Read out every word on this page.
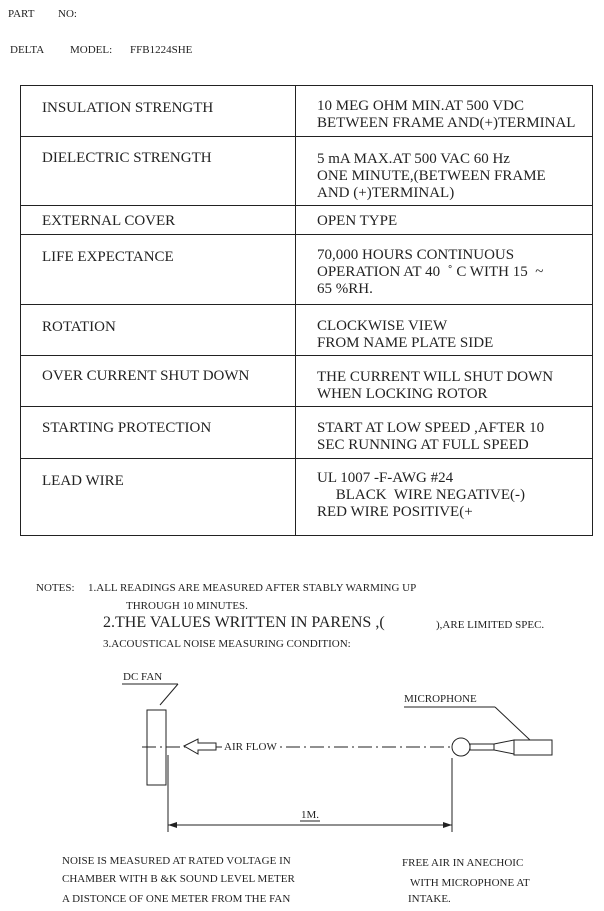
PART NO:
DELTA MODEL: FFB1224SHE
INSULATION STRENGTH	10 MEG OHM MIN.AT 500 VDC
BETWEEN FRAME AND(+)TERMINAL

DIELECTRIC STRENGTH	5 mA MAX.AT 500 VAC 60 Hz
ONE MINUTE,(BETWEEN FRAME
AND (+)TERMINAL)

EXTERNAL COVER	OPEN TYPE

LIFE EXPECTANCE	70,000 HOURS CONTINUOUS
OPERATION AT 40  ˚ C WITH 15  ~
65 %RH.

ROTATION	CLOCKWISE VIEW
FROM NAME PLATE SIDE

OVER CURRENT SHUT DOWN	THE CURRENT WILL SHUT DOWN
WHEN LOCKING ROTOR

STARTING PROTECTION	START AT LOW SPEED ,AFTER 10
SEC RUNNING AT FULL SPEED

LEAD WIRE	UL 1007 -F-AWG #24
BLACK  WIRE NEGATIVE(-)
RED WIRE POSITIVE(+
NOTES: 1.ALL READINGS ARE MEASURED AFTER STABLY WARMING UP
THROUGH 10 MINUTES.
2.THE VALUES WRITTEN IN PARENS ,(	),ARE LIMITED SPEC.
3.ACOUSTICAL NOISE MEASURING CONDITION:
DC FAN
MICROPHONE
AIR FLOW
1M.
NOISE IS MEASURED AT RATED VOLTAGE IN	FREE AIR IN ANECHOIC
CHAMBER WITH B &K SOUND LEVEL METER	WITH MICROPHONE AT
A DISTONCE OF ONE METER FROM THE FAN	INTAKE.
